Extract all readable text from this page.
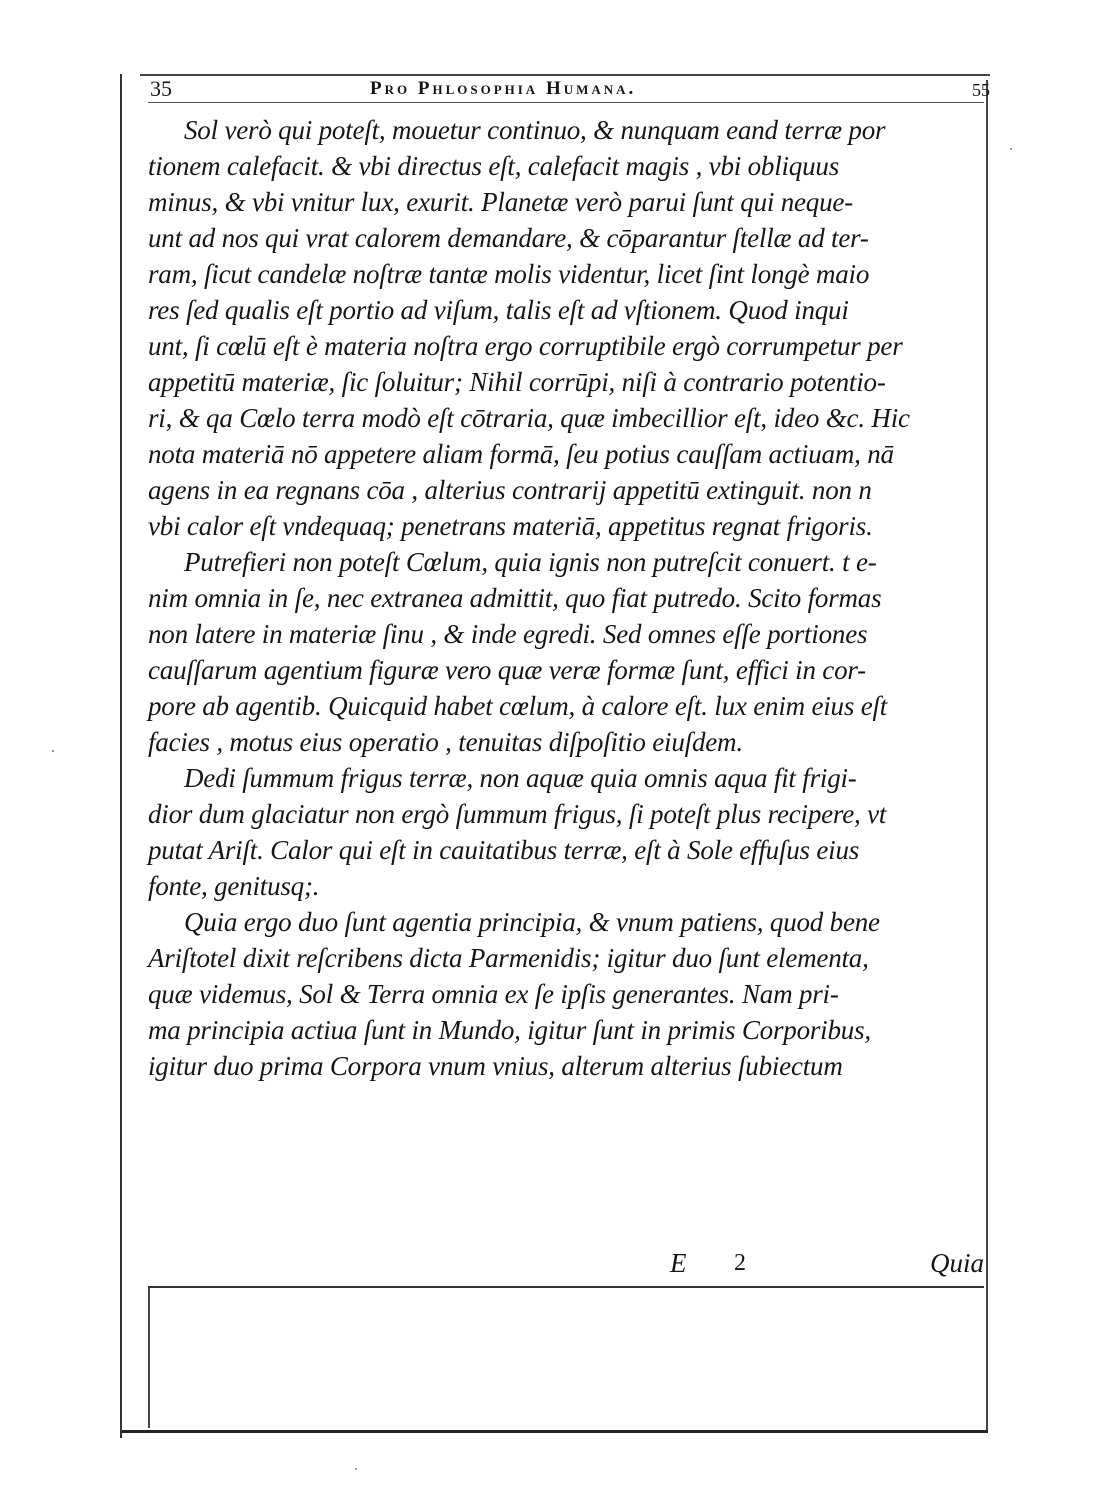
35	Pro Phlosophia Humana.	55
Sol verò qui poteſt, mouetur continuo, & nunquam eand terræ por
tionem calefacit. & vbi directus eſt, calefacit magis , vbi obliquus
minus, & vbi vnitur lux, exurit. Planetæ verò parui ſunt qui neque-
unt ad nos qui vrat calorem demandare, & cōparantur ſtellæ ad ter-
ram, ſicut candelæ noſtræ tantæ molis videntur, licet ſint longè maio
res ſed qualis eſt portio ad viſum, talis eſt ad vſtionem. Quod inqui
unt, ſi cœlū eſt è materia noſtra ergo corruptibile ergò corrumpetur per
appetitū materiæ, ſic ſoluitur; Nihil corrūpi, niſi à contrario potentio-
ri, & qa Cœlo terra modò eſt cōtraria, quæ imbecillior eſt, ideo &c. Hic
nota materiā nō appetere aliam formā, ſeu potius cauſſam actiuam, nā
agens in ea regnans cōa , alterius contrarij appetitū extinguit. non n
vbi calor eſt vndequaq; penetrans materiā, appetitus regnat frigoris.
Putrefieri non poteſt Cœlum, quia ignis non putreſcit conuert. t e-
nim omnia in ſe, nec extranea admittit, quo fiat putredo. Scito formas
non latere in materiæ ſinu , & inde egredi. Sed omnes eſſe portiones
cauſſarum agentium figuræ vero quæ veræ formæ ſunt, effici in cor-
pore ab agentib. Quicquid habet cœlum, à calore eſt. lux enim eius eſt
facies , motus eius operatio , tenuitas diſpoſitio eiuſdem.
Dedi ſummum frigus terræ, non aquæ quia omnis aqua fit frigi-
dior dum glaciatur non ergò ſummum frigus, ſi poteſt plus recipere, vt
putat Ariſt. Calor qui eſt in cauitatibus terræ, eſt à Sole effuſus eius
fonte, genitusq;.
Quia ergo duo ſunt agentia principia, & vnum patiens, quod bene
Ariſtotel dixit reſcribens dicta Parmenidis; igitur duo ſunt elementa,
quæ videmus, Sol & Terra omnia ex ſe ipſis generantes. Nam pri-
ma principia actiua ſunt in Mundo, igitur ſunt in primis Corporibus,
igitur duo prima Corpora vnum vnius, alterum alterius ſubiectum
E 2	Quia
